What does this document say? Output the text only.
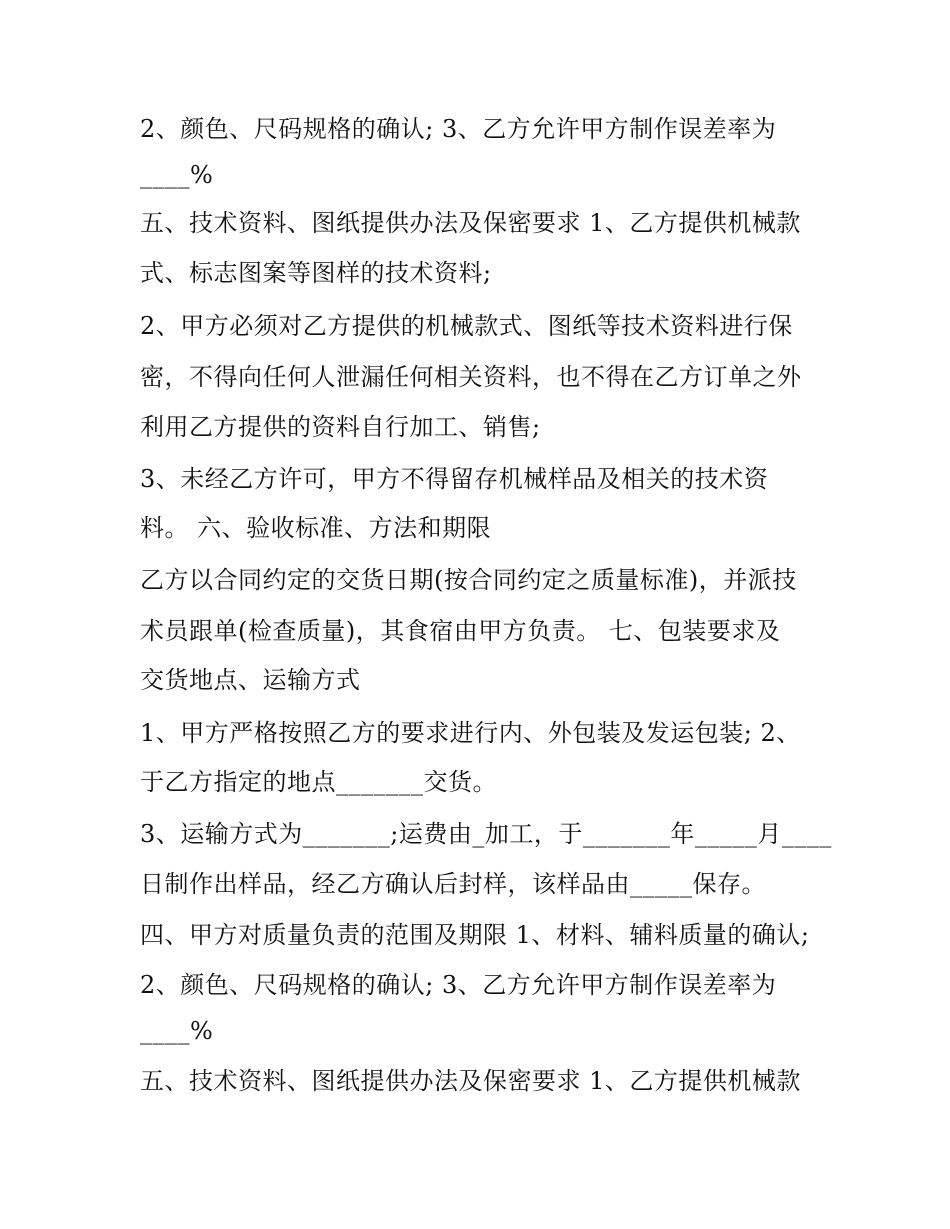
2、颜色、尺码规格的确认; 3、乙方允许甲方制作误差率为
____%
五、技术资料、图纸提供办法及保密要求 1、乙方提供机械款
式、标志图案等图样的技术资料;
2、甲方必须对乙方提供的机械款式、图纸等技术资料进行保
密，不得向任何人泄漏任何相关资料，也不得在乙方订单之外
利用乙方提供的资料自行加工、销售;
3、未经乙方许可，甲方不得留存机械样品及相关的技术资
料。 六、验收标准、方法和期限
乙方以合同约定的交货日期(按合同约定之质量标准)，并派技
术员跟单(检查质量)，其食宿由甲方负责。 七、包装要求及
交货地点、运输方式
1、甲方严格按照乙方的要求进行内、外包装及发运包装; 2、
于乙方指定的地点_______交货。
3、运输方式为_______;运费由_加工，于_______年_____月____
日制作出样品，经乙方确认后封样，该样品由_____保存。
四、甲方对质量负责的范围及期限 1、材料、辅料质量的确认;
2、颜色、尺码规格的确认; 3、乙方允许甲方制作误差率为
____%
五、技术资料、图纸提供办法及保密要求 1、乙方提供机械款
